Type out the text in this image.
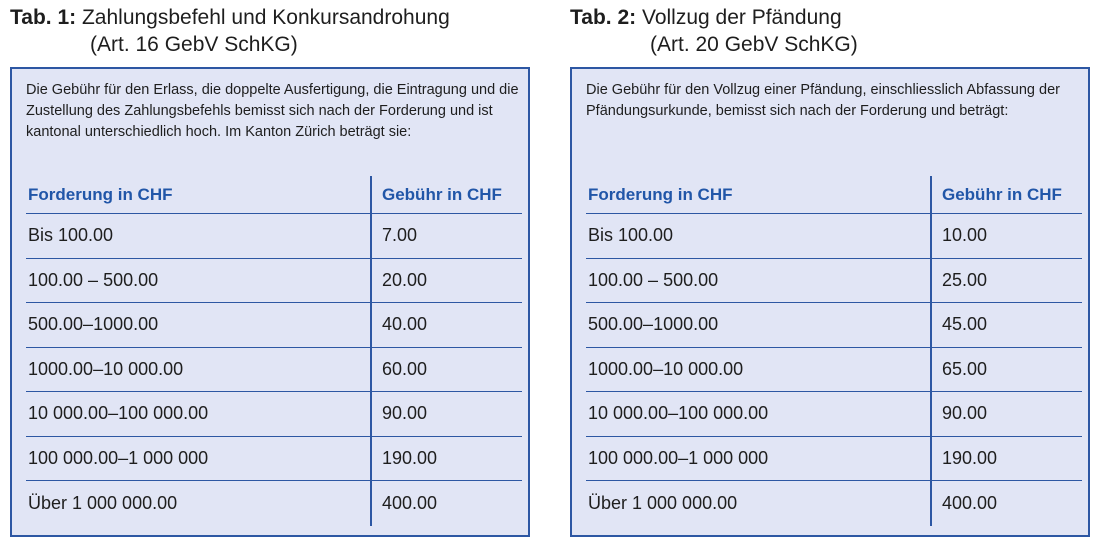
Tab. 1: Zahlungsbefehl und Konkursandrohung
(Art. 16 GebV SchKG)
Die Gebühr für den Erlass, die doppelte Ausfertigung, die Eintragung und die Zustellung des Zahlungsbefehls bemisst sich nach der Forderung und ist kantonal unterschiedlich hoch. Im Kanton Zürich beträgt sie:
Forderung in CHF	Gebühr in CHF
Bis 100.00	7.00
100.00 – 500.00	20.00
500.00–1000.00	40.00
1000.00–10 000.00	60.00
10 000.00–100 000.00	90.00
100 000.00–1 000 000	190.00
Über 1 000 000.00	400.00
Tab. 2: Vollzug der Pfändung
(Art. 20 GebV SchKG)
Die Gebühr für den Vollzug einer Pfändung, einschliesslich Abfassung der Pfändungsurkunde, bemisst sich nach der Forderung und beträgt:
Forderung in CHF	Gebühr in CHF
Bis 100.00	10.00
100.00 – 500.00	25.00
500.00–1000.00	45.00
1000.00–10 000.00	65.00
10 000.00–100 000.00	90.00
100 000.00–1 000 000	190.00
Über 1 000 000.00	400.00
